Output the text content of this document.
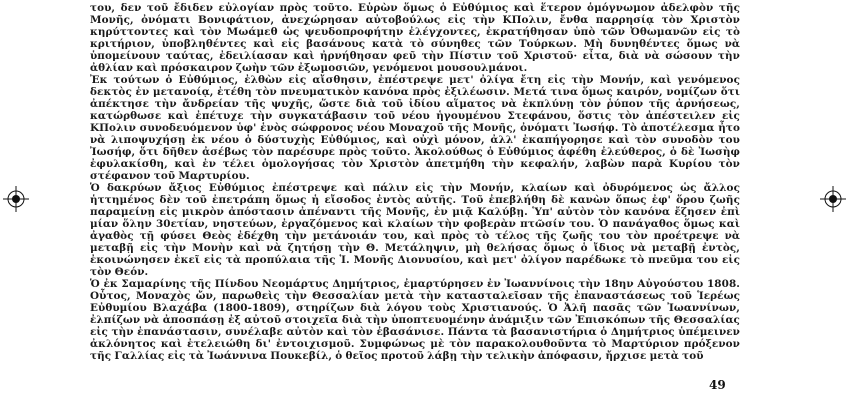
του, δεν τοῦ ἔδιδεν εὐλογίαν πρὸς τοῦτο. Εὑρὼν ὅμως ὁ Εὐθύμιος καὶ ἕτερον ὁμόγνωμον ἀδελφὸν τῆς Μονῆς, ὀνόματι Βονιφάτιον, ἀνεχώρησαν αὐτοβούλως εἰς τὴν ΚΠολιν, ἔνθα παρρησίᾳ τὸν Χριστὸν κηρύττοντες καὶ τὸν Μωάμεθ ὡς ψευδοπροφήτην ἐλέγχοντες, ἐκρατήθησαν ὑπὸ τῶν Ὀθωμανῶν εἰς τὸ κριτήριον, ὑποβληθέντες καὶ εἰς βασάνους κατὰ τὸ σύνηθες τῶν Τούρκων. Μὴ δυνηθέντες ὅμως νὰ ὑπομείνουν ταύτας, ἐδειλίασαν καὶ ἠρνήθησαν φεῦ τὴν Πίστιν τοῦ Χριστοῦ· εἶτα, διὰ νὰ σώσουν τὴν ἀθλίαν καὶ πρόσκαιρον ζωὴν τῶν ἐξωμοσιῶν, γενόμενοι μουσουλμάνοι.

Ἐκ τούτων ὁ Εὐθύμιος, ἐλθὼν εἰς αἴσθησιν, ἐπέστρεψε μετ' ὀλίγα ἔτη εἰς τὴν Μονήν, καὶ γενόμενος δεκτὸς ἐν μετανοίᾳ, ἐτέθη τὸν πνευματικὸν κανόνα πρὸς ἐξιλέωσιν. Μετά τινα ὅμως καιρόν, νομίζων ὅτι ἀπέκτησε τὴν ἄνδρείαν τῆς ψυχῆς, ὥστε διὰ τοῦ ἰδίου αἵματος νὰ ἐκπλύνῃ τὸν ῥύπον τῆς ἀρνήσεως, κατώρθωσε καὶ ἐπέτυχε τὴν συγκατάβασιν τοῦ νέου ἡγουμένου Στεφάνου, ὅστις τὸν ἀπέστειλεν εἰς ΚΠολιν συνοδευόμενον ὑφ' ἑνὸς σώφρονος νέου Μοναχοῦ τῆς Μονῆς, ὀνόματι Ἰωσήφ. Τὸ ἀποτέλεσμα ἦτο νὰ λιποψυχήσῃ ἐκ νέου ὁ δύστυχὴς Εὐθύμιος, καὶ οὐχὶ μόνον, ἀλλ' ἐκαπήγορησε καὶ τὸν συνοδὸν του Ἰωσήφ, ὅτι δῆθεν ἀσέβως τὸν παρέσυρε πρὸς τοῦτο. Ἀκολούθως ὁ Εὐθύμιος ἀφέθη ἐλεύθερος, ὁ δὲ Ἰωσὴφ ἐφυλακίσθη, καὶ ἐν τέλει ὁμολογήσας τὸν Χριστὸν ἀπετμήθη τὴν κεφαλήν, λαβὼν παρὰ Κυρίου τὸν στέφανον τοῦ Μαρτυρίου.

Ὁ δακρύων ἄξιος Εὐθύμιος ἐπέστρεψε καὶ πάλιν εἰς τὴν Μονήν, κλαίων καὶ ὀδυρόμενος ὡς ἄλλος ἡττημένος δὲν τοῦ ἐπετράπη ὅμως ἡ εἴσοδος ἐντὸς αὐτῆς. Τοῦ ἐπεβλήθη δὲ κανὼν ὅπως ἐφ' ὅρου ζωῆς παραμείνῃ εἰς μικρὸν ἀπόστασιν ἀπέναντι τῆς Μονῆς, ἐν μιᾷ Καλύβῃ. Ὑπ' αὐτὸν τὸν κανόνα ἔζησεν ἐπὶ μίαν ὅλην 30ετίαν, νηστεύων, ἐργαζόμενος καὶ κλαίων τὴν φοβερὰν πτῶσίν του. Ὁ πανάγαθος ὅμως καὶ ἀγαθὸς τῇ φύσει Θεὸς ἐδέχθη τὴν μετάνοιάν του, καὶ πρὸς τὸ τέλος τῆς ζωῆς του τὸν προέτρεψε νὰ μεταβῇ εἰς τὴν Μονὴν καὶ νὰ ζητήσῃ τὴν Θ. Μετάληψιν, μὴ θελήσας ὅμως ὁ ἴδιος νὰ μεταβῇ ἐντὸς, ἐκοινώνησεν ἐκεῖ εἰς τὰ προπύλαια τῆς Ἱ. Μονῆς Διονυσίου, καὶ μετ' ὀλίγον παρέδωκε τὸ πνεῦμα του εἰς τὸν Θεόν.

Ὁ ἐκ Σαμαρίνης τῆς Πίνδου Νεομάρτυς Δημήτριος, ἐμαρτύρησεν ἐν Ἰωαννίνοις τὴν 18ην Αὐγούστου 1808. Οὗτος, Μοναχὸς ὤν, παρωθεὶς τὴν Θεσσαλίαν μετὰ τὴν κατασταλεῖσαν τῆς ἐπαναστάσεως τοῦ Ἱερέως Εὐθυμίου Βλαχάβα (1800-1809), στηρίζων διὰ λόγου τοὺς Χριστιανούς. Ὁ Ἀλῆ πασᾶς τῶν Ἰωαννίνων, ἐλπίζων νὰ ἀποσπάσῃ ἐξ αὐτοῦ στοιχεῖα διὰ τὴν ὑποπτευομένην ἀνάμιξιν τῶν Ἐπισκόπων τῆς Θεσσαλίας εἰς τὴν ἐπανάστασιν, συνέλαβε αὐτὸν καὶ τὸν ἐβασάνισε. Πάντα τὰ βασανιστήρια ὁ Δημήτριος ὑπέμεινεν ἀκλόνητος καὶ ἐτελειώθη δι' ἐντοιχισμοῦ. Συμφώνως μὲ τὸν παρακολουθοῦντα τὸ Μαρτύριον πρόξενον τῆς Γαλλίας εἰς τὰ Ἰωάννινα Πουκεβίλ, ὁ θεῖος προτοῦ λάβῃ τὴν τελικὴν ἀπόφασιν, ἤρχισε μετὰ τοῦ

49
